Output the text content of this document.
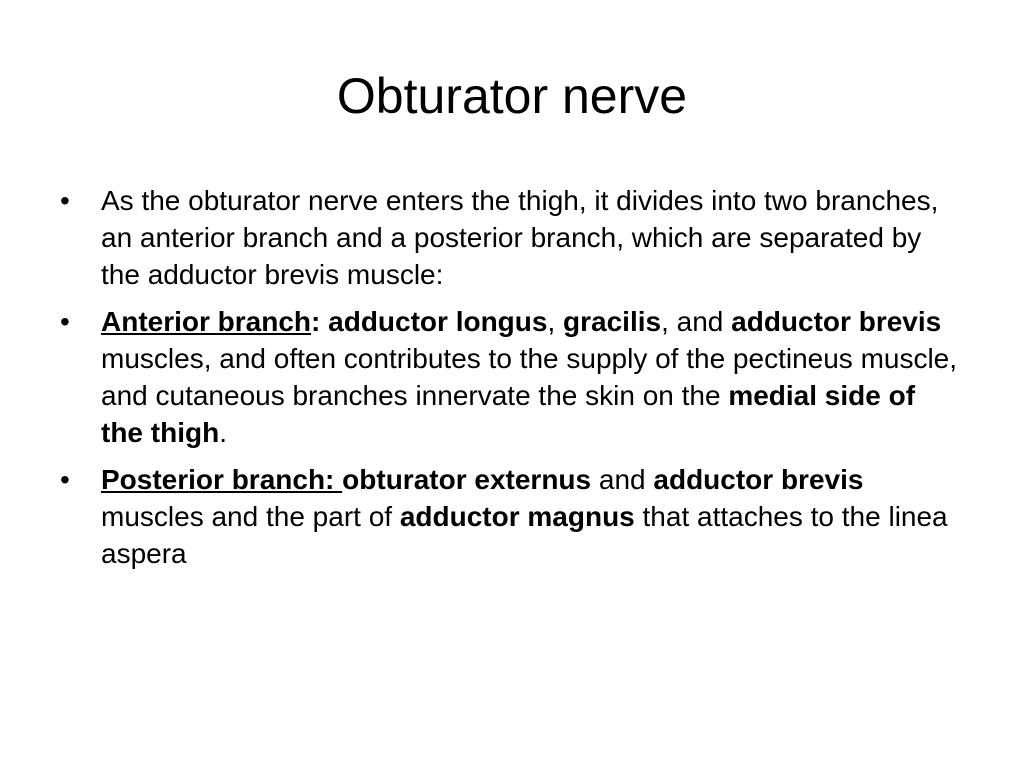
Obturator nerve
• As the obturator nerve enters the thigh, it divides into two branches, an anterior branch and a posterior branch, which are separated by the adductor brevis muscle:
• Anterior branch: adductor longus, gracilis, and adductor brevis muscles, and often contributes to the supply of the pectineus muscle, and cutaneous branches innervate the skin on the medial side of the thigh.
• Posterior branch: obturator externus and adductor brevis muscles and the part of adductor magnus that attaches to the linea aspera
